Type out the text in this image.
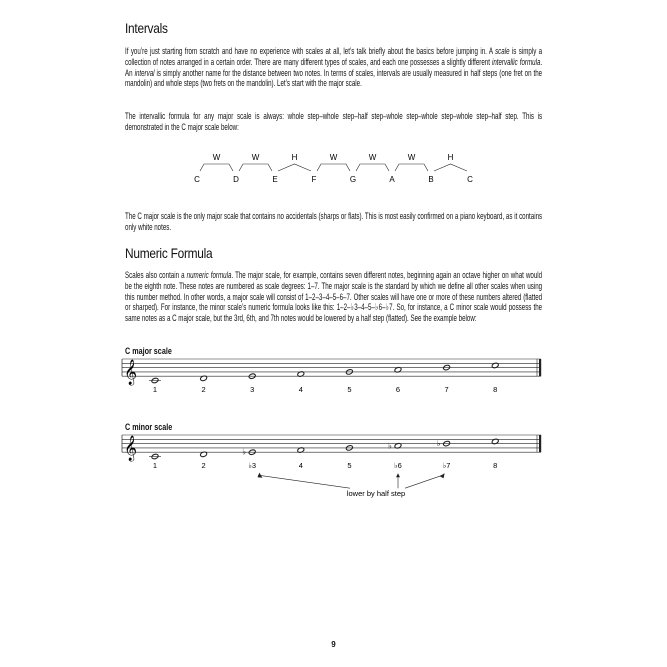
Intervals
If you’re just starting from scratch and have no experience with scales at all, let’s talk briefly about the basics before jumping in. A scale is simply a collection of notes arranged in a certain order. There are many different types of scales, and each one possesses a slightly different intervallic formula. An interval is simply another name for the distance between two notes. In terms of scales, intervals are usually measured in half steps (one fret on the mandolin) and whole steps (two frets on the mandolin). Let’s start with the major scale.
The intervallic formula for any major scale is always: whole step–whole step–half step–whole step–whole step–whole step–half step. This is demonstrated in the C major scale below:
C	D	E	F	G	A	B	C
W	W	H	W	W	W	H
The C major scale is the only major scale that contains no accidentals (sharps or flats). This is most easily confirmed on a piano keyboard, as it contains only white notes.
Numeric Formula
Scales also contain a numeric formula. The major scale, for example, contains seven different notes, beginning again an octave higher on what would be the eighth note. These notes are numbered as scale degrees: 1–7. The major scale is the standard by which we define all other scales when using this number method. In other words, a major scale will consist of 1–2–3–4–5–6–7. Other scales will have one or more of these numbers altered (flatted or sharped). For instance, the minor scale’s numeric formula looks like this: 1–2–♭3–4–5–♭6–♭7. So, for instance, a C minor scale would possess the same notes as a C major scale, but the 3rd, 6th, and 7th notes would be lowered by a half step (flatted). See the example below:
C major scale
𝄞
1	2	3	4	5	6	7	8
C minor scale
𝄞
1	2
♭
♭3	4	5
♭
♭6
♭
♭7	8
lower by half step
9
